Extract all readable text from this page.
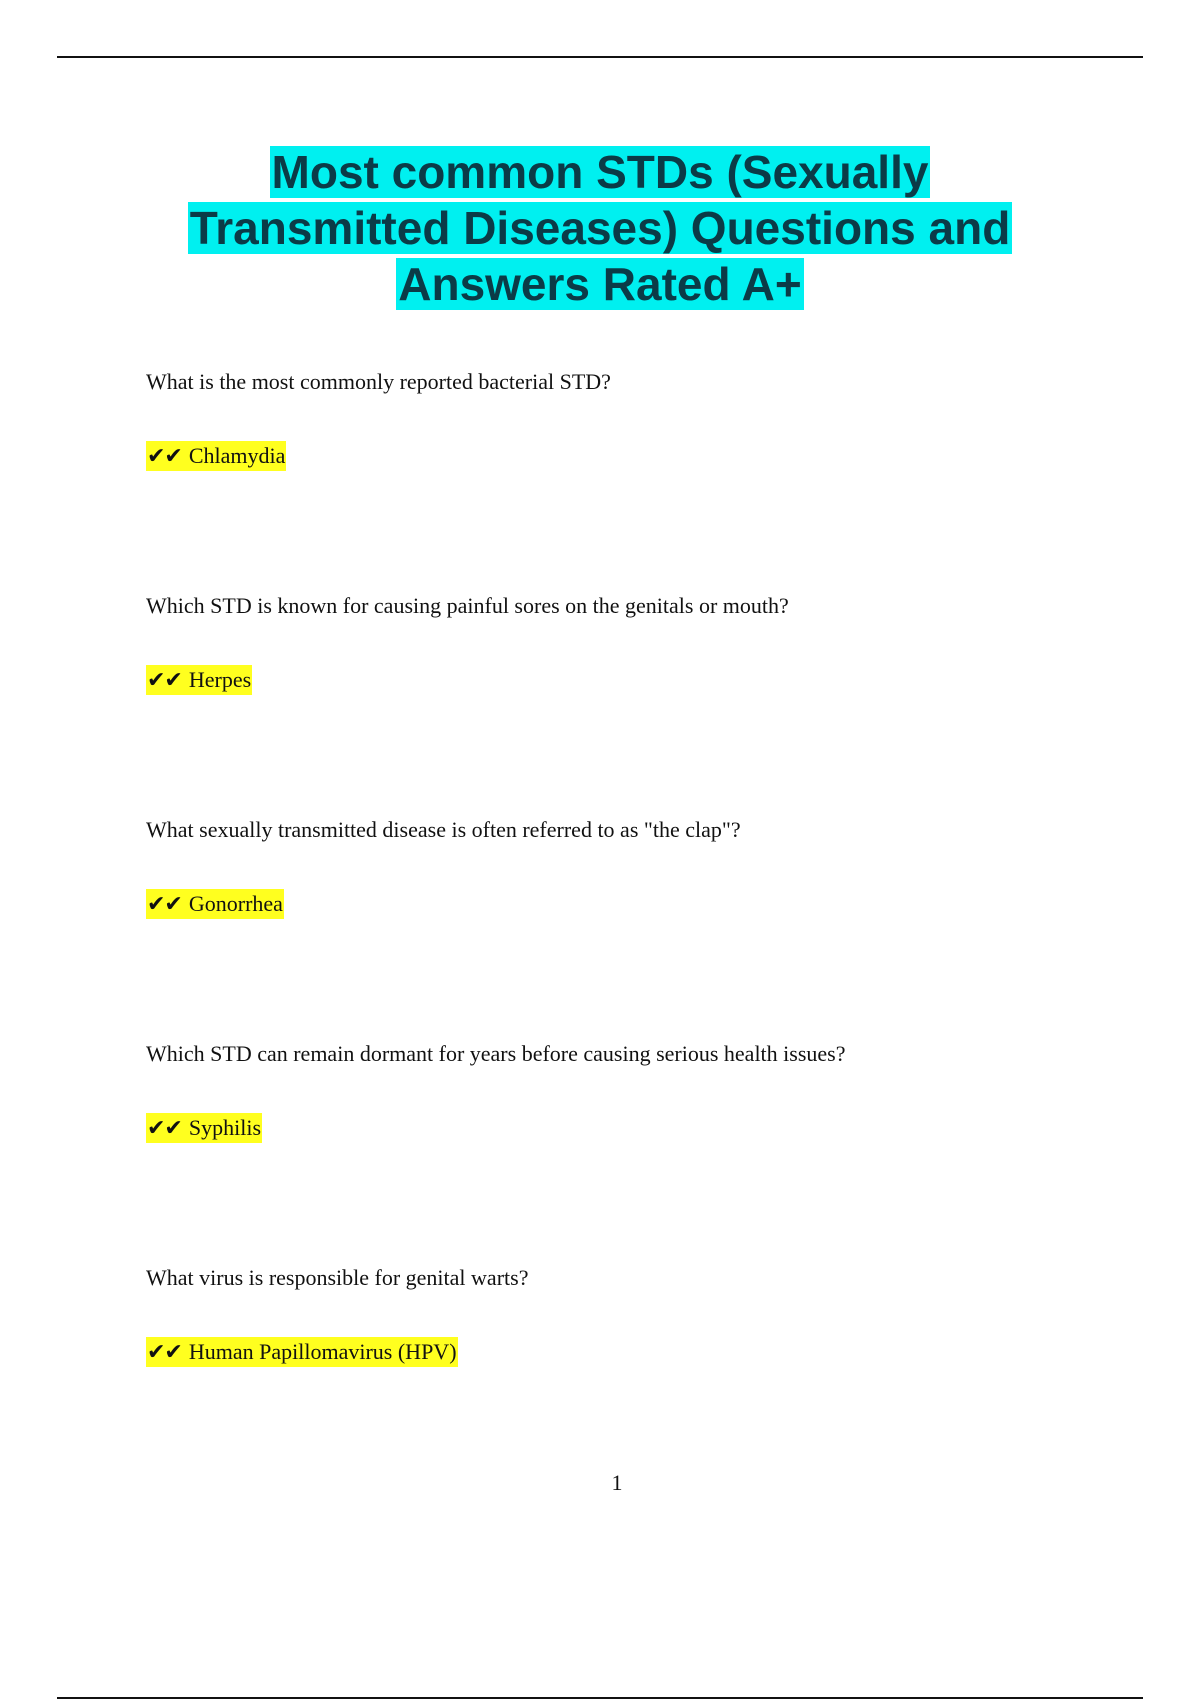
Most common STDs (Sexually
Transmitted Diseases) Questions and
Answers Rated A+

What is the most commonly reported bacterial STD?

✔✔ Chlamydia

Which STD is known for causing painful sores on the genitals or mouth?

✔✔ Herpes

What sexually transmitted disease is often referred to as "the clap"?

✔✔ Gonorrhea

Which STD can remain dormant for years before causing serious health issues?

✔✔ Syphilis

What virus is responsible for genital warts?

✔✔ Human Papillomavirus (HPV)

1
